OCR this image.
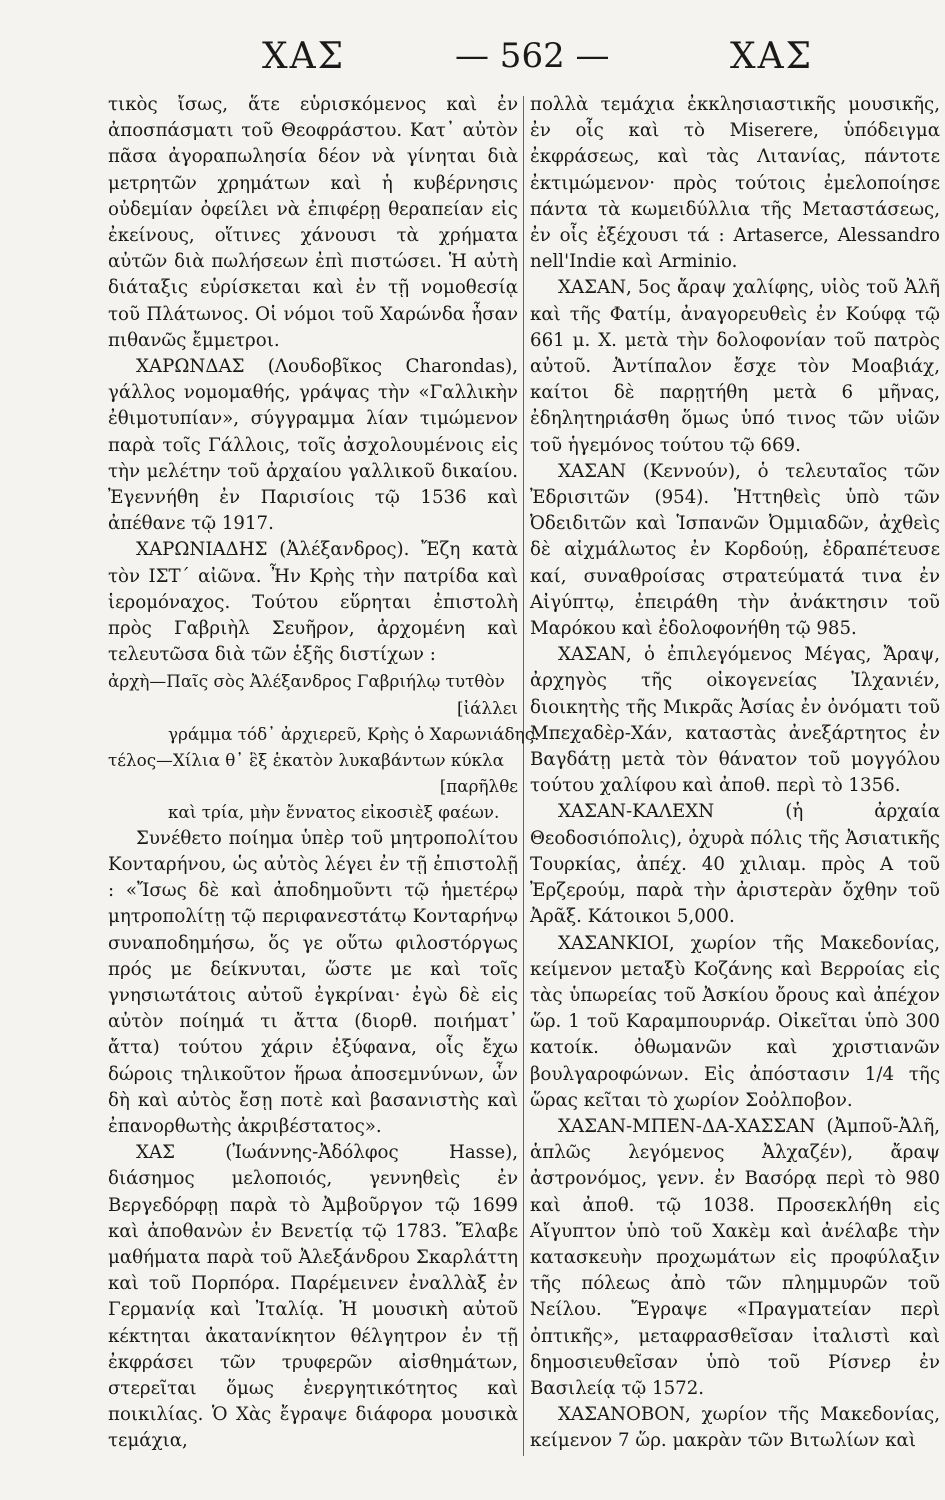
ΧΑΣ	— 562 —	ΧΑΣ

τικὸς ἴσως, ἅτε εὑρισκόμενος καὶ ἐν ἀποσπάσματι τοῦ Θεοφράστου. Κατ᾽ αὐτὸν πᾶσα ἀγοραπωλησία δέον νὰ γίνηται διὰ μετρητῶν χρημάτων καὶ ἡ κυβέρνησις οὐδεμίαν ὀφείλει νὰ ἐπιφέρῃ θεραπείαν εἰς ἐκείνους, οἵτινες χάνουσι τὰ χρήματα αὐτῶν διὰ πωλήσεων ἐπὶ πιστώσει. Ἡ αὐτὴ διάταξις εὑρίσκεται καὶ ἐν τῇ νομοθεσίᾳ τοῦ Πλάτωνος. Οἱ νόμοι τοῦ Χαρώνδα ἦσαν πιθανῶς ἔμμετροι.

ΧΑΡΩΝΔΑΣ (Λουδοβῖκος Charondas), γάλλος νομομαθής, γράψας τὴν «Γαλλικὴν ἐθιμοτυπίαν», σύγγραμμα λίαν τιμώμενον παρὰ τοῖς Γάλλοις, τοῖς ἀσχολουμένοις εἰς τὴν μελέτην τοῦ ἀρχαίου γαλλικοῦ δικαίου. Ἐγεννήθη ἐν Παρισίοις τῷ 1536 καὶ ἀπέθανε τῷ 1917.

ΧΑΡΩΝΙΑΔΗΣ (Ἀλέξανδρος). Ἔζη κατὰ τὸν ΙΣΤ´ αἰῶνα. Ἦν Κρὴς τὴν πατρίδα καὶ ἱερομόναχος. Τούτου εὕρηται ἐπιστολὴ πρὸς Γαβριὴλ Σευῆρον, ἀρχομένη καὶ τελευτῶσα διὰ τῶν ἑξῆς διστίχων :

ἀρχὴ—Παῖς σὸς Ἀλέξανδρος Γαβριήλῳ τυτθὸν

[ἰάλλει

γράμμα τόδ᾽ ἀρχιερεῦ, Κρὴς ὁ Χαρωνιάδης.

τέλος—Χίλια θ᾽ ἓξ ἑκατὸν λυκαβάντων κύκλα

[παρῆλθε

καὶ τρία, μὴν ἔννατος εἰκοσιὲξ φαέων.

Συνέθετο ποίημα ὑπὲρ τοῦ μητροπολίτου Κονταρήνου, ὡς αὐτὸς λέγει ἐν τῇ ἐπιστολῇ : «Ἴσως δὲ καὶ ἀποδημοῦντι τῷ ἡμετέρῳ μητροπολίτῃ τῷ περιφανεστάτῳ Κονταρήνῳ συναποδημήσω, ὅς γε οὕτω φιλοστόργως πρός με δείκνυται, ὥστε με καὶ τοῖς γνησιωτάτοις αὐτοῦ ἐγκρίναι· ἐγὼ δὲ εἰς αὐτὸν ποίημά τι ἄττα (διορθ. ποιήματ᾽ ἄττα) τούτου χάριν ἐξύφανα, οἷς ἔχω δώροις τηλικοῦτον ἥρωα ἀποσεμνύνων, ὧν δὴ καὶ αὐτὸς ἔσῃ ποτὲ καὶ βασανιστὴς καὶ ἐπανορθωτὴς ἀκριβέστατος».

ΧΑΣ (Ἰωάννης-Ἀδόλφος Hasse), διάσημος μελοποιός, γεννηθεὶς ἐν Βεργεδόρφῃ παρὰ τὸ Ἀμβοῦργον τῷ 1699 καὶ ἀποθανὼν ἐν Βενετίᾳ τῷ 1783. Ἔλαβε μαθήματα παρὰ τοῦ Ἀλεξάνδρου Σκαρλάττη καὶ τοῦ Πορπόρα. Παρέμεινεν ἐναλλὰξ ἐν Γερμανίᾳ καὶ Ἰταλίᾳ. Ἡ μουσικὴ αὐτοῦ κέκτηται ἀκατανίκητον θέλγητρον ἐν τῇ ἐκφράσει τῶν τρυφερῶν αἰσθημάτων, στερεῖται ὅμως ἐνεργητικότητος καὶ ποικιλίας. Ὁ Χὰς ἔγραψε διάφορα μουσικὰ τεμάχια,

πολλὰ τεμάχια ἐκκλησιαστικῆς μουσικῆς, ἐν οἷς καὶ τὸ Miserere, ὑπόδειγμα ἐκφράσεως, καὶ τὰς Λιτανίας, πάντοτε ἐκτιμώμενον· πρὸς τούτοις ἐμελοποίησε πάντα τὰ κωμειδύλλια τῆς Μεταστάσεως, ἐν οἷς ἐξέχουσι τά : Artaserce, Alessandro nell'Indie καὶ Arminio.

ΧΑΣΑΝ, 5ος ἄραψ χαλίφης, υἱὸς τοῦ Ἀλῆ καὶ τῆς Φατίμ, ἀναγορευθεὶς ἐν Κούφᾳ τῷ 661 μ. Χ. μετὰ τὴν δολοφονίαν τοῦ πατρὸς αὐτοῦ. Ἀντίπαλον ἔσχε τὸν Μοαβιάχ, καίτοι δὲ παρῃτήθη μετὰ 6 μῆνας, ἐδηλητηριάσθη ὅμως ὑπό τινος τῶν υἱῶν τοῦ ἡγεμόνος τούτου τῷ 669.

ΧΑΣΑΝ (Κεννούν), ὁ τελευταῖος τῶν Ἐδρισιτῶν (954). Ἡττηθεὶς ὑπὸ τῶν Ὀδειδιτῶν καὶ Ἱσπανῶν Ὀμμιαδῶν, ἀχθεὶς δὲ αἰχμάλωτος ἐν Κορδούῃ, ἐδραπέτευσε καί, συναθροίσας στρατεύματά τινα ἐν Αἰγύπτῳ, ἐπειράθη τὴν ἀνάκτησιν τοῦ Μαρόκου καὶ ἐδολοφονήθη τῷ 985.

ΧΑΣΑΝ, ὁ ἐπιλεγόμενος Μέγας, Ἄραψ, ἀρχηγὸς τῆς οἰκογενείας Ἰλχανιέν, διοικητὴς τῆς Μικρᾶς Ἀσίας ἐν ὀνόματι τοῦ Μπεχαδὲρ-Χάν, καταστὰς ἀνεξάρτητος ἐν Βαγδάτῃ μετὰ τὸν θάνατον τοῦ μογγόλου τούτου χαλίφου καὶ ἀποθ. περὶ τὸ 1356.

ΧΑΣΑΝ-ΚΑΛΕΧΝ (ἡ ἀρχαία Θεοδοσιόπολις), ὀχυρὰ πόλις τῆς Ἀσιατικῆς Τουρκίας, ἀπέχ. 40 χιλιαμ. πρὸς Α τοῦ Ἐρζερούμ, παρὰ τὴν ἀριστερὰν ὄχθην τοῦ Ἀρᾶξ. Κάτοικοι 5,000.

ΧΑΣΑΝΚΙΟΙ, χωρίον τῆς Μακεδονίας, κείμενον μεταξὺ Κοζάνης καὶ Βερροίας εἰς τὰς ὑπωρείας τοῦ Ἀσκίου ὄρους καὶ ἀπέχον ὥρ. 1 τοῦ Καραμπουρνάρ. Οἰκεῖται ὑπὸ 300 κατοίκ. ὀθωμανῶν καὶ χριστιανῶν βουλγαροφώνων. Εἰς ἀπόστασιν 1/4 τῆς ὥρας κεῖται τὸ χωρίον Σοὀλποβον.

ΧΑΣΑΝ-ΜΠΕΝ-ΔΑ-ΧΑΣΣΑΝ (Ἀμποῦ-Ἀλῆ, ἁπλῶς λεγόμενος Ἀλχαζέν), ἄραψ ἀστρονόμος, γενν. ἐν Βασόρᾳ περὶ τὸ 980 καὶ ἀποθ. τῷ 1038. Προσεκλήθη εἰς Αἴγυπτον ὑπὸ τοῦ Χακὲμ καὶ ἀνέλαβε τὴν κατασκευὴν προχωμάτων εἰς προφύλαξιν τῆς πόλεως ἀπὸ τῶν πλημμυρῶν τοῦ Νείλου. Ἔγραψε «Πραγματείαν περὶ ὀπτικῆς», μεταφρασθεῖσαν ἰταλιστὶ καὶ δημοσιευθεῖσαν ὑπὸ τοῦ Ρίσνερ ἐν Βασιλείᾳ τῷ 1572.

ΧΑΣΑΝΟΒΟΝ, χωρίον τῆς Μακεδονίας, κείμενον 7 ὥρ. μακρὰν τῶν Βιτωλίων καὶ
